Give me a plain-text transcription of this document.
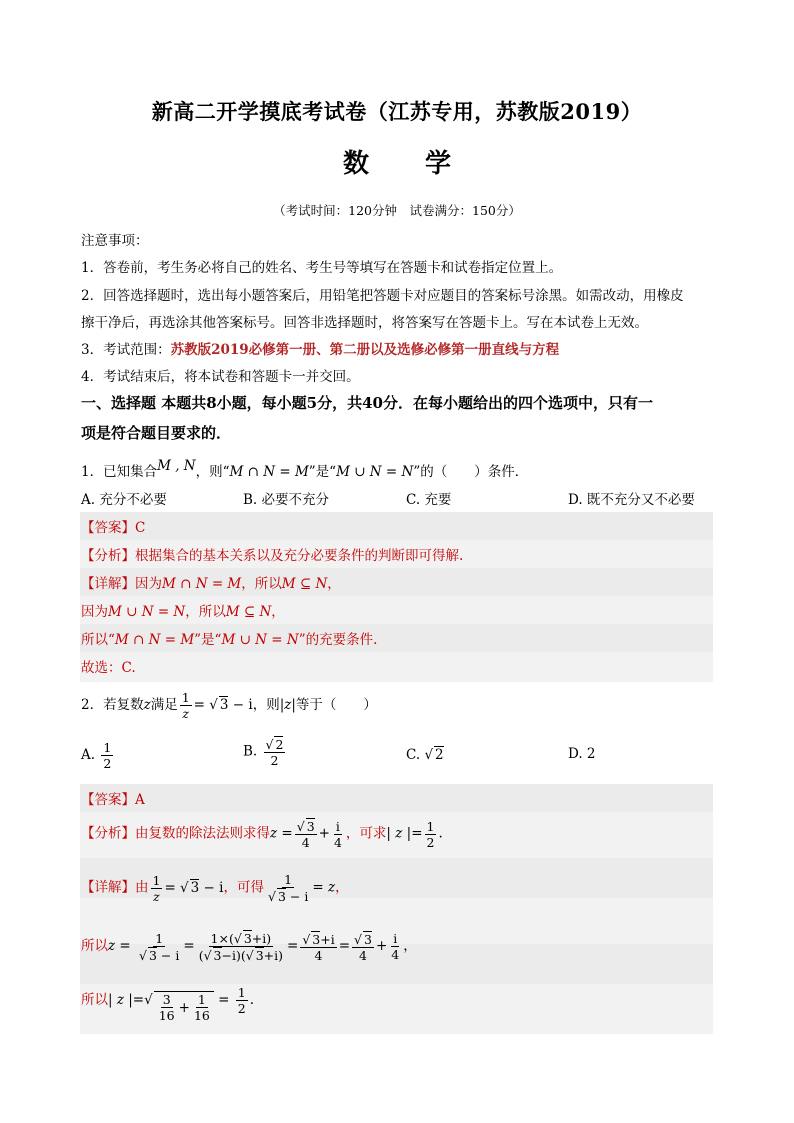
新高二开学摸底考试卷（江苏专用，苏教版2019）
数 学
（考试时间：120分钟　试卷满分：150分）
注意事项：
1．答卷前，考生务必将自己的姓名、考生号等填写在答题卡和试卷指定位置上。
2．回答选择题时，选出每小题答案后，用铅笔把答题卡对应题目的答案标号涂黑。如需改动，用橡皮
擦干净后，再选涂其他答案标号。回答非选择题时，将答案写在答题卡上。写在本试卷上无效。
3．考试范围：苏教版2019必修第一册、第二册以及选修必修第一册直线与方程
4．考试结束后，将本试卷和答题卡一并交回。
一、选择题 本题共8小题，每小题5分，共40分．在每小题给出的四个选项中，只有一
项是符合题目要求的．
1．已知集合M , N，则“M ∩ N = M”是“M ∪ N = N”的（　　）条件．
A. 充分不必要	B. 必要不充分	C. 充要	D. 既不充分又不必要
【答案】C
【分析】根据集合的基本关系以及充分必要条件的判断即可得解.
【详解】因为M ∩ N = M，所以M ⊆ N，
因为M ∪ N = N，所以M ⊆ N，
所以“M ∩ N = M”是“M ∪ N = N”的充要条件.
故选：C.
2．若复数z满足 $\frac{1}{z}$ = √ 3 − i，则|z|等于（　　）
A. $\frac{1}{2}$	B. $\frac{√ 2}{2}$	C. √ 2	D. 2
【答案】A
【分析】由复数的除法法则求得$z = \frac{√ 3}{4} + \frac{i}{4}$ ，可求| z |= $\frac{1}{2}$ .
【详解】由 $\frac{1}{z}$ = √ 3 − i，可得 $\frac{1}{√ 3 - i} = z$，
所以$z = \frac{1}{√ 3 - i} = \frac{1\times(√ 3+i)}{(√ 3-i)(√ 3+i)} = \frac{√ 3+i}{4} = \frac{√ 3}{4} + \frac{i}{4}$ ，
所以| z |=√ $\frac{3}{16} + \frac{1}{16} = \frac{1}{2}$ .
